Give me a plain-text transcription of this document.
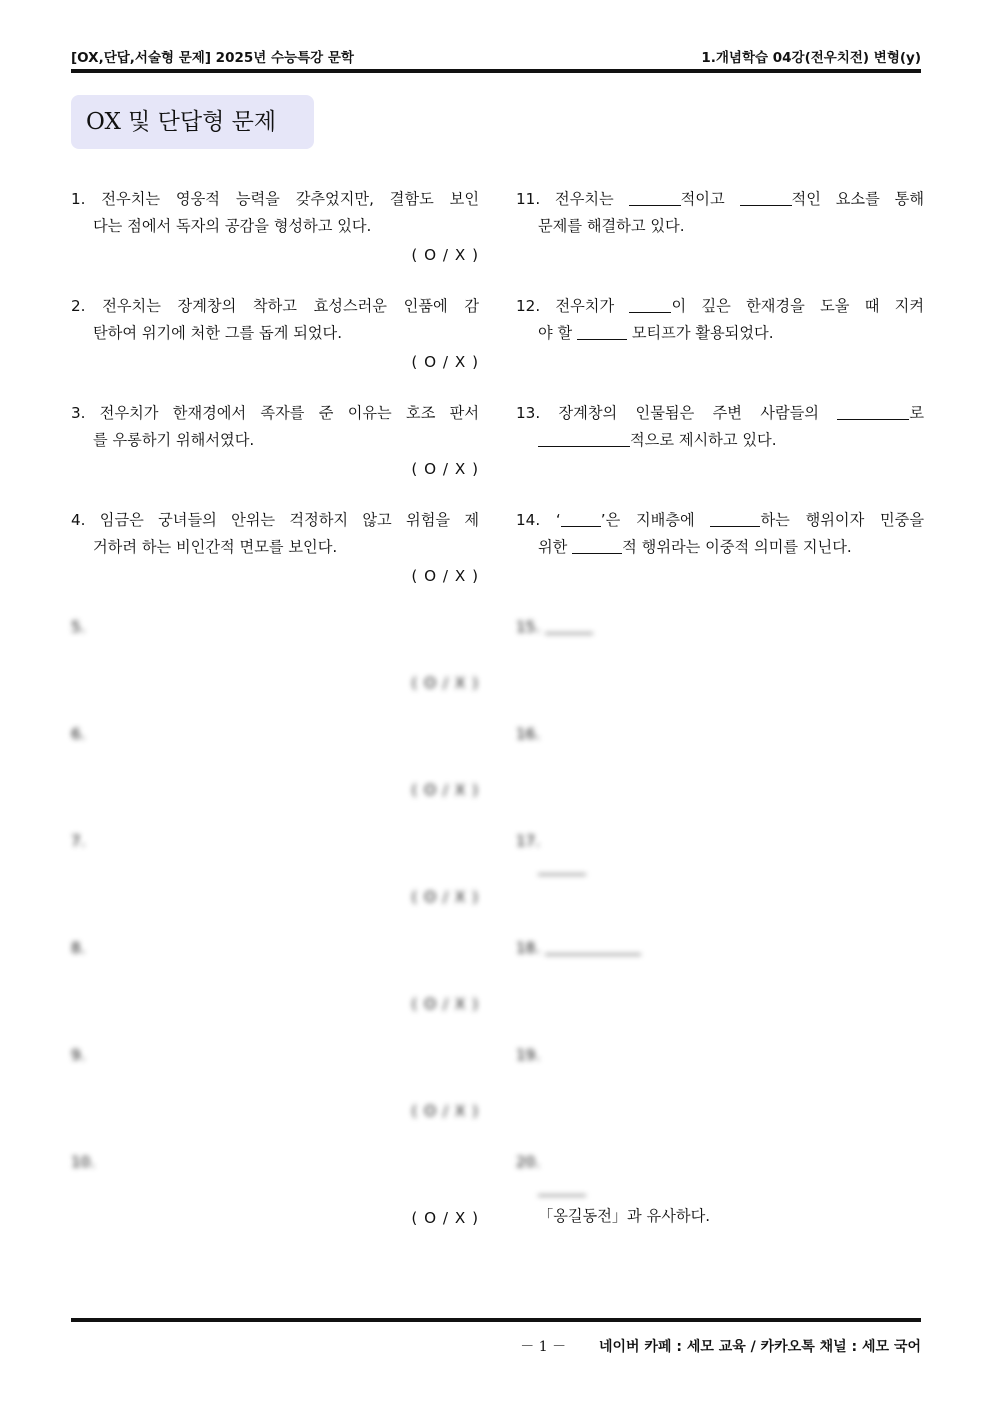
[OX,단답,서술형 문제] 2025년 수능특강 문학	1.개념학습 04강(전우치전) 변형(y)
OX 및 단답형 문제
1. 전우치는 영웅적 능력을 갖추었지만, 결함도 보인
다는 점에서 독자의 공감을 형성하고 있다.
( O / X )
2. 전우치는 장계창의 착하고 효성스러운 인품에 감
탄하여 위기에 처한 그를 돕게 되었다.
( O / X )
3. 전우치가 한재경에서 족자를 준 이유는 호조 판서
를 우롱하기 위해서였다.
( O / X )
4. 임금은 궁녀들의 안위는 걱정하지 않고 위험을 제
거하려 하는 비인간적 면모를 보인다.
( O / X )
5.
( O / X )
6.
( O / X )
7.
( O / X )
8.
( O / X )
9.
( O / X )
10.
( O / X )
11. 전우치는	적이고	적인 요소를 통해
문제를 해결하고 있다.
12. 전우치가	이 깊은 한재경을 도울 때 지켜
야 할	모티프가 활용되었다.
13. 장계창의 인물됨은 주변 사람들의	로
적으로 제시하고 있다.
14. ‘	’은 지배층에	하는 행위이자 민중을
위한	적 행위라는 이중적 의미를 지닌다.
15.
16.
17.
18.
19.
20.
「옹길동전」과 유사하다.
－ 1 － 네이버 카페 : 세모 교육 / 카카오톡 채널 : 세모 국어
